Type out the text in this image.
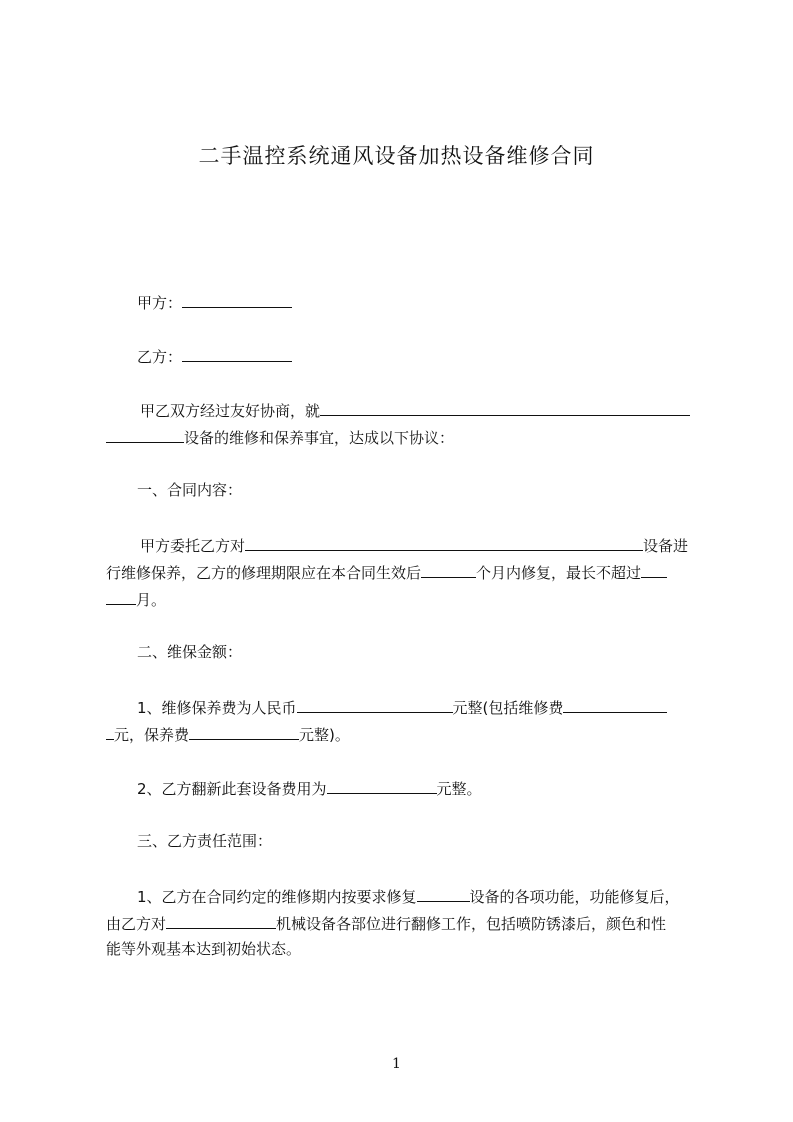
二手温控系统通风设备加热设备维修合同
甲方：
乙方：
甲乙双方经过友好协商，就
设备的维修和保养事宜，达成以下协议：
一、合同内容：
甲方委托乙方对	设备进
行维修保养，乙方的修理期限应在本合同生效后	个月内修复，最长不超过
月。
二、维保金额：
1、维修保养费为人民币	元整(包括维修费
元，保养费	元整)。
2、乙方翻新此套设备费用为	元整。
三、乙方责任范围：
1、乙方在合同约定的维修期内按要求修复	设备的各项功能，功能修复后，
由乙方对	机械设备各部位进行翻修工作，包括喷防锈漆后，颜色和性
能等外观基本达到初始状态。
1
